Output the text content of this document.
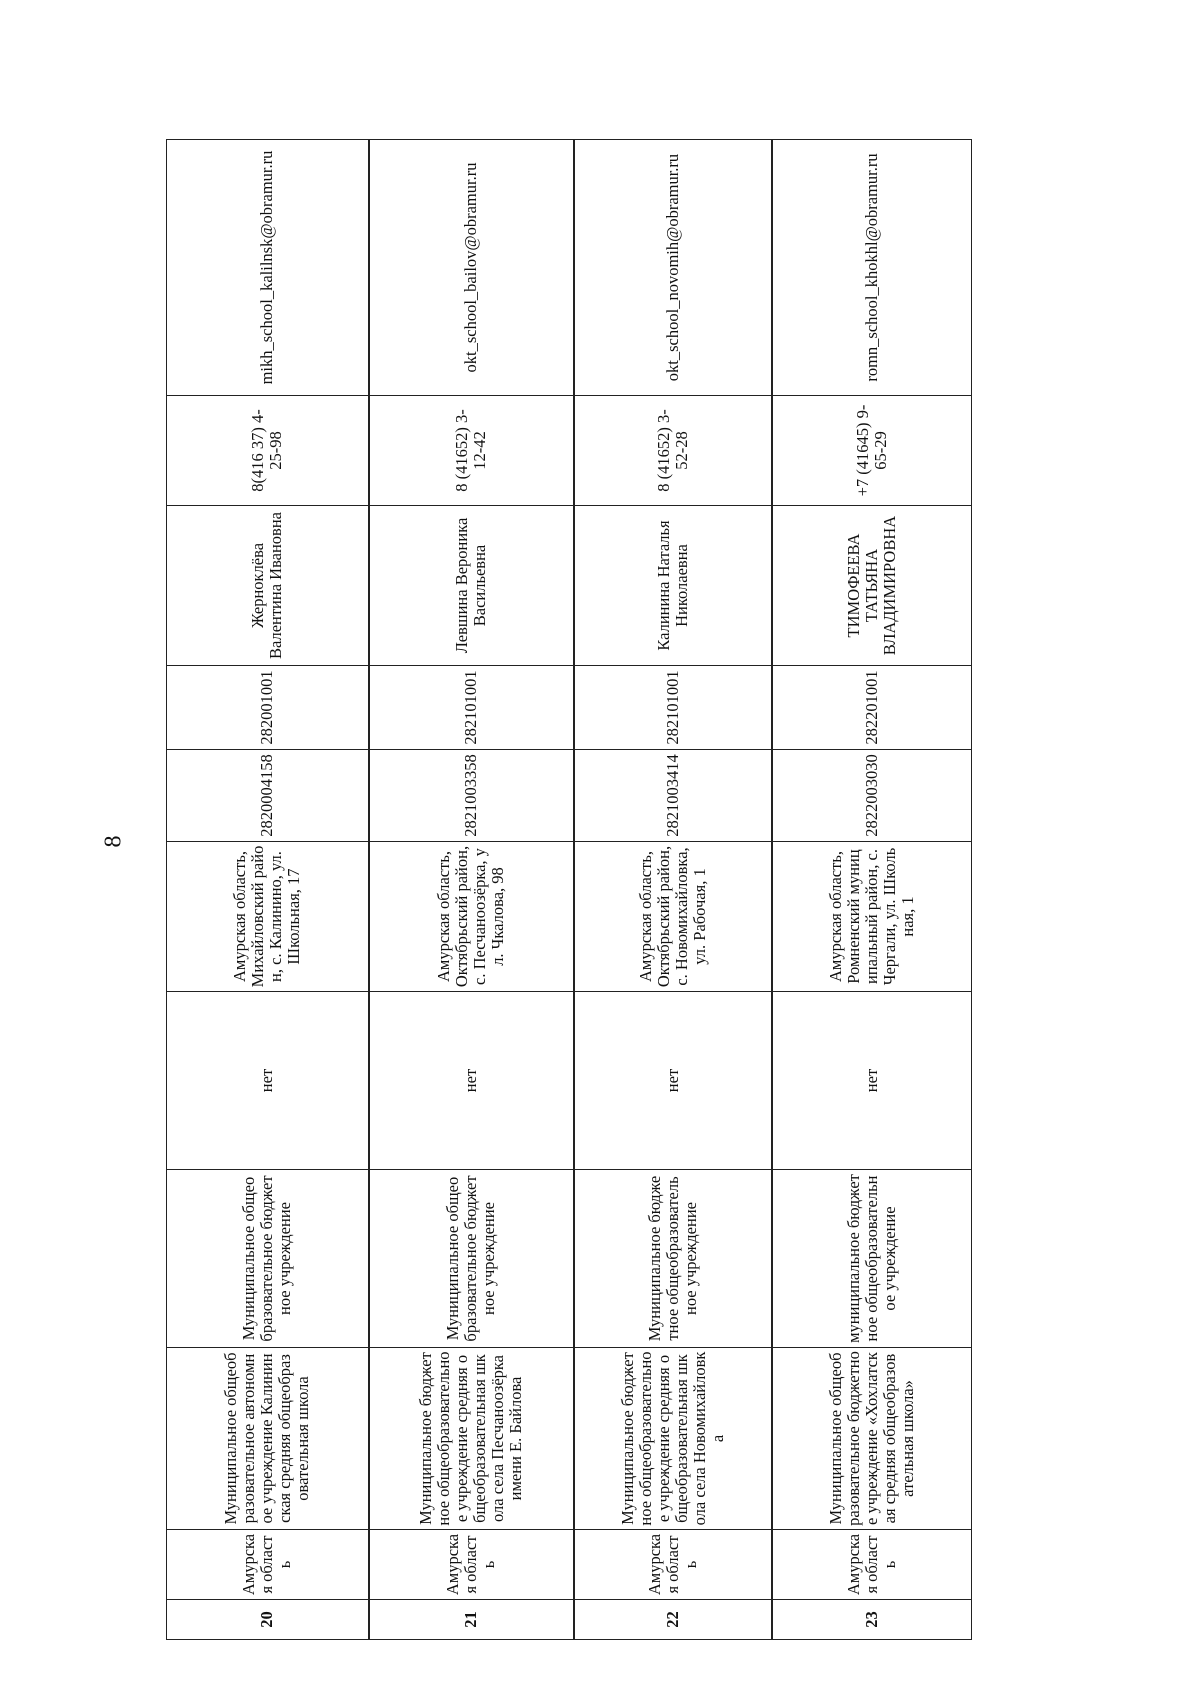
8
20	Амурская область	Муниципальное общеобразовательное автономное учреждение Калининская средняя общеобразовательная школа	Муниципальное общеобразовательное бюджетное учреждение	нет	Амурская область, Михайловский район, с. Калинино, ул. Школьная, 17	2820004158	282001001	Жерноклёва Валентина Ивановна	8(416 37) 4-25-98	mikh_school_kalilnsk@obramur.ru
21	Амурская область	Муниципальное бюджетное общеобразовательное учреждение средняя общеобразовательная школа села Песчаноозёрка имени Е. Байлова	Муниципальное общеобразовательное бюджетное учреждение	нет	Амурская область, Октябрьский район, с. Песчаноозёрка, ул. Чкалова, 98	2821003358	282101001	Левшина Вероника Васильевна	8 (41652) 3-12-42	okt_school_bailov@obramur.ru
22	Амурская область	Муниципальное бюджетное общеобразовательное учреждение средняя общеобразовательная школа села Новомихайловка	Муниципальное бюджетное общеобразовательное учреждение	нет	Амурская область, Октябрьский район, с. Новомихайловка, ул. Рабочая, 1	2821003414	282101001	Калинина Наталья Николаевна	8 (41652) 3-52-28	okt_school_novomih@obramur.ru
23	Амурская область	Муниципальное общеобразовательное бюджетное учреждение «Хохлатская средняя общеобразовательная школа»	муниципальное бюджетное общеобразовательное учреждение	нет	Амурская область, Ромненский муниципальный район, с. Чергали, ул. Школьная, 1	2822003030	282201001	ТИМОФЕЕВА ТАТЬЯНА ВЛАДИМИРОВНА	+7 (41645) 9-65-29	romn_school_khokhl@obramur.ru
